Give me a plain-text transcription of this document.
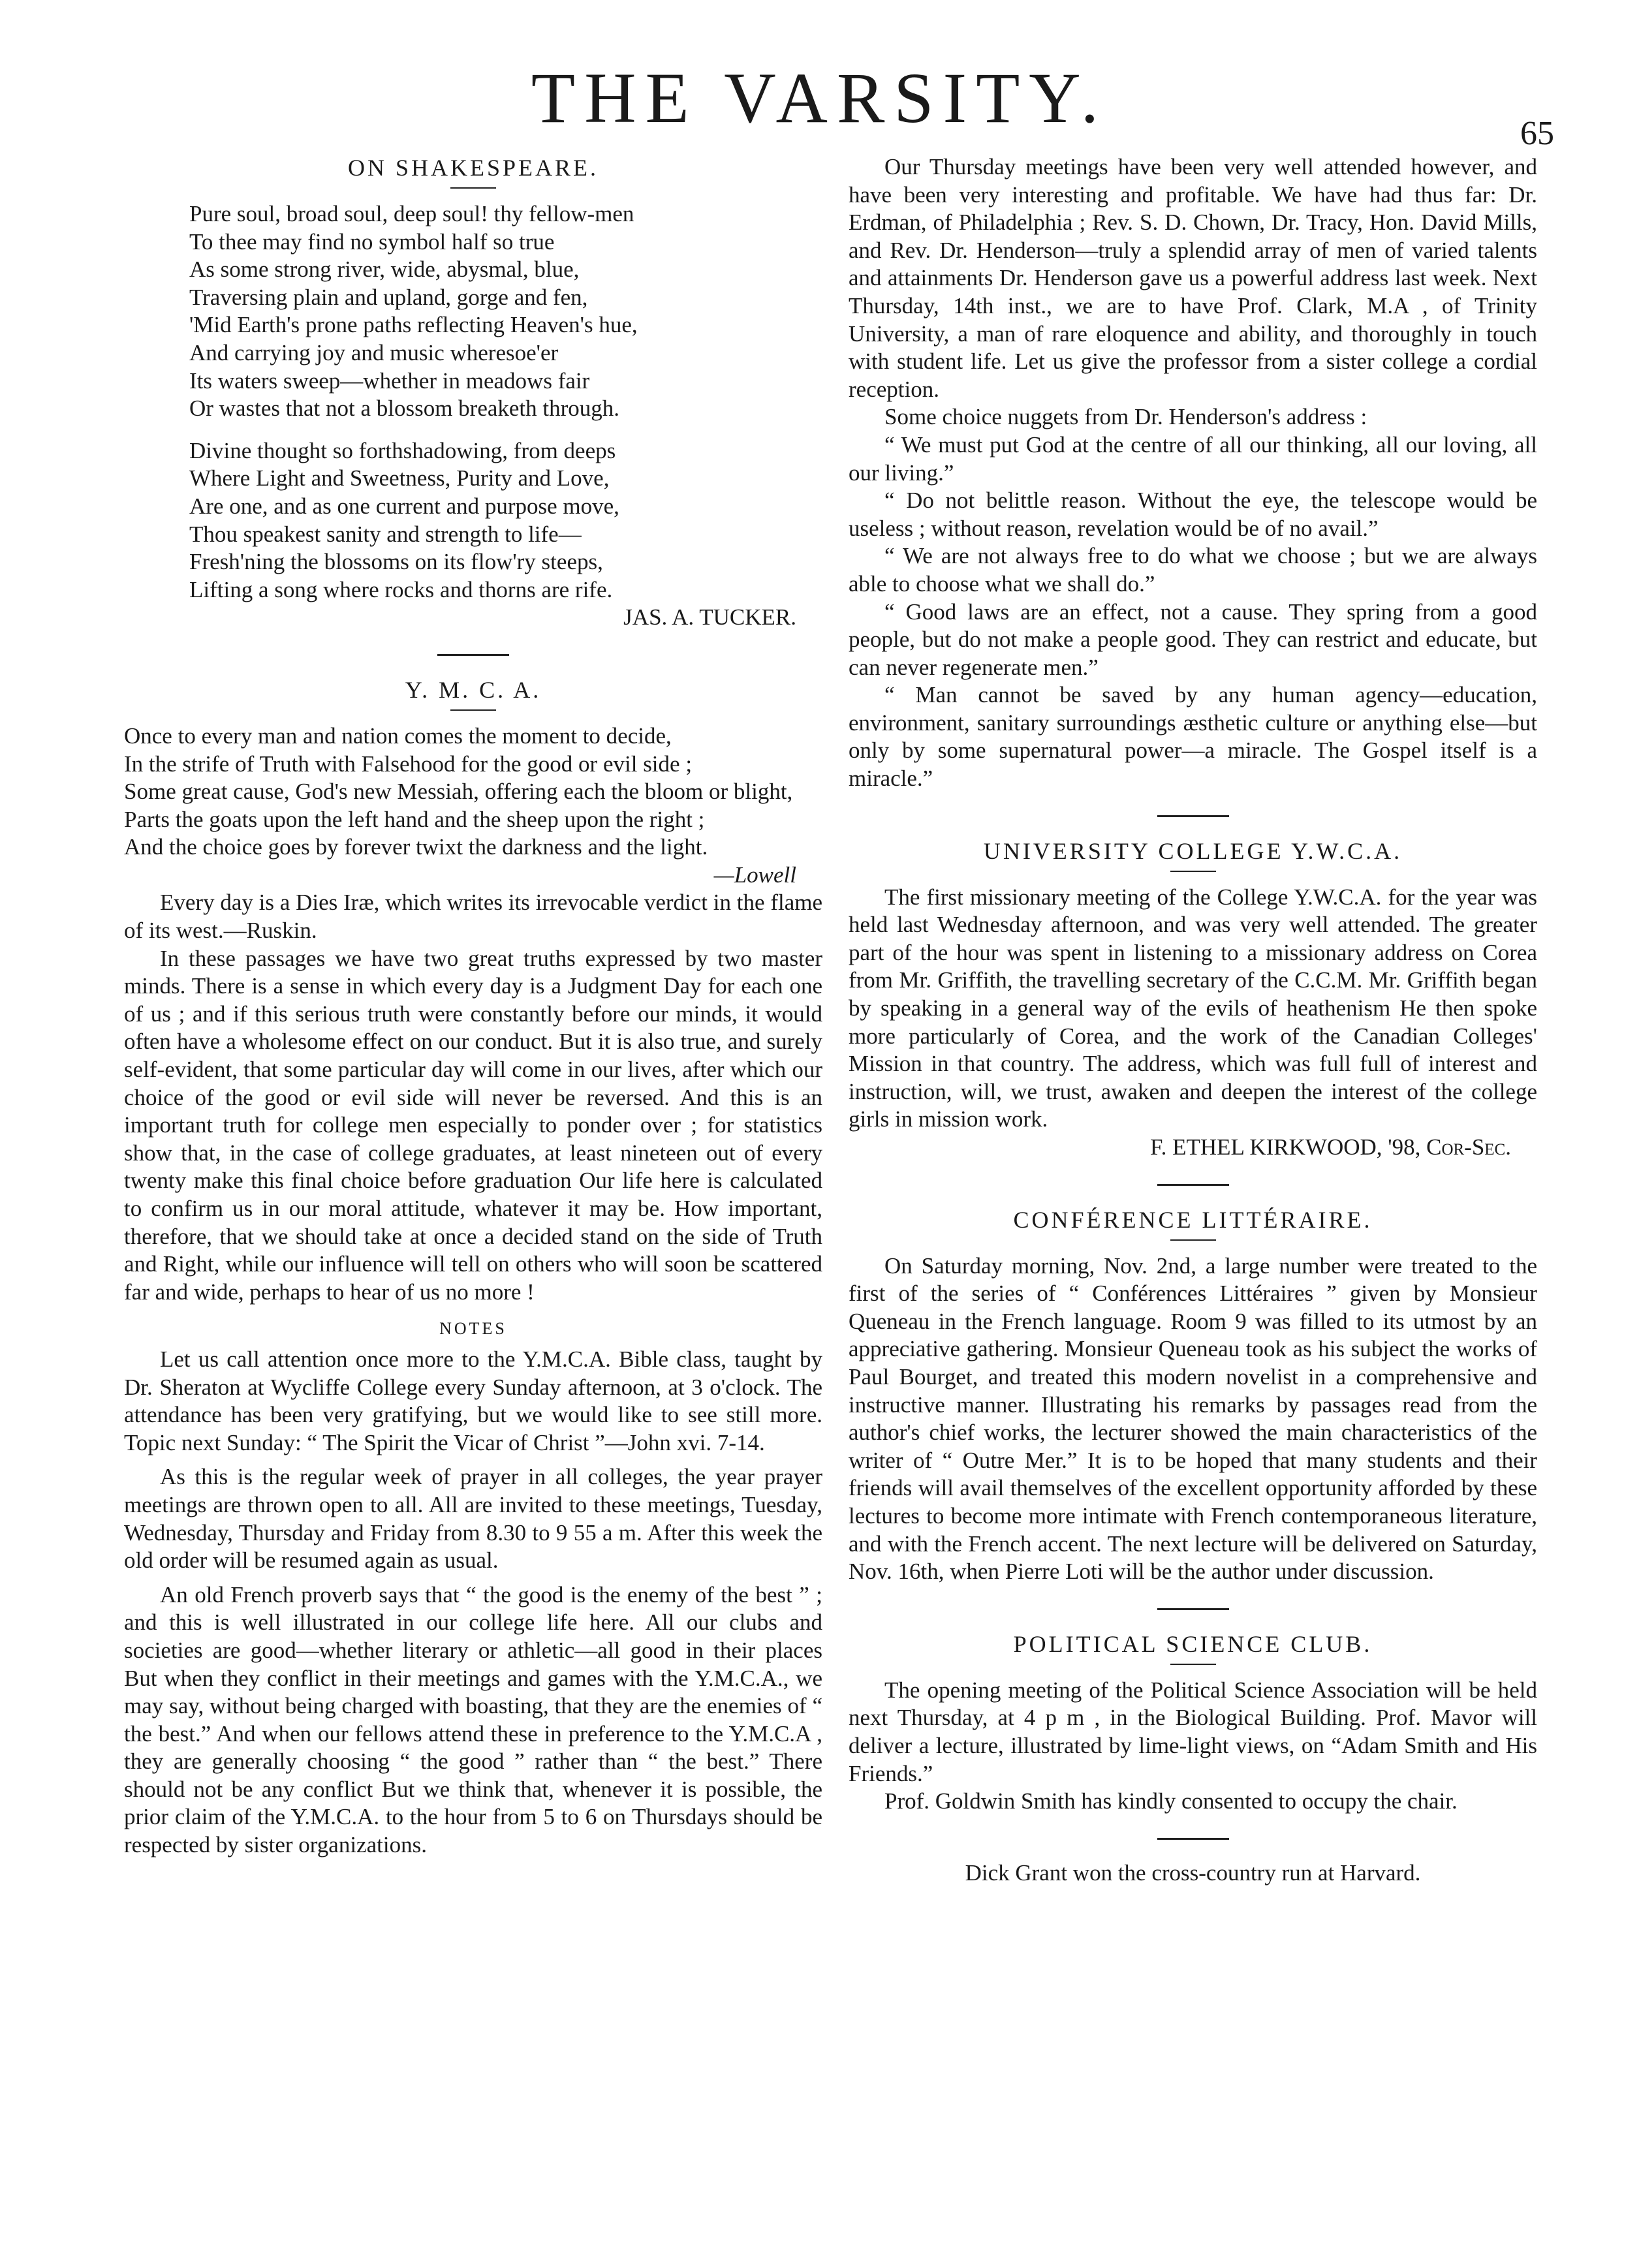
THE VARSITY.	65
ON SHAKESPEARE.
Pure soul, broad soul, deep soul! thy fellow-men
To thee may find no symbol half so true
As some strong river, wide, abysmal, blue,
Traversing plain and upland, gorge and fen,
'Mid Earth's prone paths reflecting Heaven's hue,
And carrying joy and music wheresoe'er
Its waters sweep—whether in meadows fair
Or wastes that not a blossom breaketh through.
Divine thought so forthshadowing, from deeps
Where Light and Sweetness, Purity and Love,
Are one, and as one current and purpose move,
Thou speakest sanity and strength to life—
Fresh'ning the blossoms on its flow'ry steeps,
Lifting a song where rocks and thorns are rife.
JAS. A. TUCKER.
Y. M. C. A.
Once to every man and nation comes the moment to decide,
In the strife of Truth with Falsehood for the good or evil side ;
Some great cause, God's new Messiah, offering each the bloom or blight,
Parts the goats upon the left hand and the sheep upon the right ;
And the choice goes by forever twixt the darkness and the light.
—Lowell

Every day is a Dies Iræ, which writes its irrevocable verdict in the flame of its west.—Ruskin.

In these passages we have two great truths expressed by two master minds. There is a sense in which every day is a Judgment Day for each one of us ; and if this serious truth were constantly before our minds, it would often have a wholesome effect on our conduct. But it is also true, and surely self-evident, that some particular day will come in our lives, after which our choice of the good or evil side will never be reversed. And this is an important truth for college men especially to ponder over ; for statistics show that, in the case of college graduates, at least nineteen out of every twenty make this final choice before graduation Our life here is calculated to confirm us in our moral attitude, whatever it may be. How important, therefore, that we should take at once a decided stand on the side of Truth and Right, while our influence will tell on others who will soon be scattered far and wide, perhaps to hear of us no more !

NOTES

Let us call attention once more to the Y.M.C.A. Bible class, taught by Dr. Sheraton at Wycliffe College every Sunday afternoon, at 3 o'clock. The attendance has been very gratifying, but we would like to see still more. Topic next Sunday: “ The Spirit the Vicar of Christ ”—John xvi. 7-14.

As this is the regular week of prayer in all colleges, the year prayer meetings are thrown open to all. All are invited to these meetings, Tuesday, Wednesday, Thursday and Friday from 8.30 to 9 55 a m. After this week the old order will be resumed again as usual.

An old French proverb says that “ the good is the enemy of the best ” ; and this is well illustrated in our college life here. All our clubs and societies are good—whether literary or athletic—all good in their places But when they conflict in their meetings and games with the Y.M.C.A., we may say, without being charged with boasting, that they are the enemies of “ the best.” And when our fellows attend these in preference to the Y.M.C.A , they are generally choosing “ the good ” rather than “ the best.” There should not be any conflict But we think that, whenever it is possible, the prior claim of the Y.M.C.A. to the hour from 5 to 6 on Thursdays should be respected by sister organizations.

Our Thursday meetings have been very well attended however, and have been very interesting and profitable. We have had thus far: Dr. Erdman, of Philadelphia ; Rev. S. D. Chown, Dr. Tracy, Hon. David Mills, and Rev. Dr. Henderson—truly a splendid array of men of varied talents and attainments Dr. Henderson gave us a powerful address last week. Next Thursday, 14th inst., we are to have Prof. Clark, M.A , of Trinity University, a man of rare eloquence and ability, and thoroughly in touch with student life. Let us give the professor from a sister college a cordial reception.

Some choice nuggets from Dr. Henderson's address :

“ We must put God at the centre of all our thinking, all our loving, all our living.”

“ Do not belittle reason. Without the eye, the telescope would be useless ; without reason, revelation would be of no avail.”

“ We are not always free to do what we choose ; but we are always able to choose what we shall do.”

“ Good laws are an effect, not a cause. They spring from a good people, but do not make a people good. They can restrict and educate, but can never regenerate men.”

“ Man cannot be saved by any human agency—education, environment, sanitary surroundings æsthetic culture or anything else—but only by some supernatural power—a miracle. The Gospel itself is a miracle.”

UNIVERSITY COLLEGE Y.W.C.A.

The first missionary meeting of the College Y.W.C.A. for the year was held last Wednesday afternoon, and was very well attended. The greater part of the hour was spent in listening to a missionary address on Corea from Mr. Griffith, the travelling secretary of the C.C.M. Mr. Griffith began by speaking in a general way of the evils of heathenism He then spoke more particularly of Corea, and the work of the Canadian Colleges' Mission in that country. The address, which was full full of interest and instruction, will, we trust, awaken and deepen the interest of the college girls in mission work.

F. ETHEL KIRKWOOD, '98, Cor-Sec.
CONFÉRENCE LITTÉRAIRE.

On Saturday morning, Nov. 2nd, a large number were treated to the first of the series of “ Conférences Littéraires ” given by Monsieur Queneau in the French language. Room 9 was filled to its utmost by an appreciative gathering. Monsieur Queneau took as his subject the works of Paul Bourget, and treated this modern novelist in a comprehensive and instructive manner. Illustrating his remarks by passages read from the author's chief works, the lecturer showed the main characteristics of the writer of “ Outre Mer.” It is to be hoped that many students and their friends will avail themselves of the excellent opportunity afforded by these lectures to become more intimate with French contemporaneous literature, and with the French accent. The next lecture will be delivered on Saturday, Nov. 16th, when Pierre Loti will be the author under discussion.

POLITICAL SCIENCE CLUB.

The opening meeting of the Political Science Association will be held next Thursday, at 4 p m , in the Biological Building. Prof. Mavor will deliver a lecture, illustrated by lime-light views, on “Adam Smith and His Friends.”

Prof. Goldwin Smith has kindly consented to occupy the chair.

Dick Grant won the cross-country run at Harvard.
